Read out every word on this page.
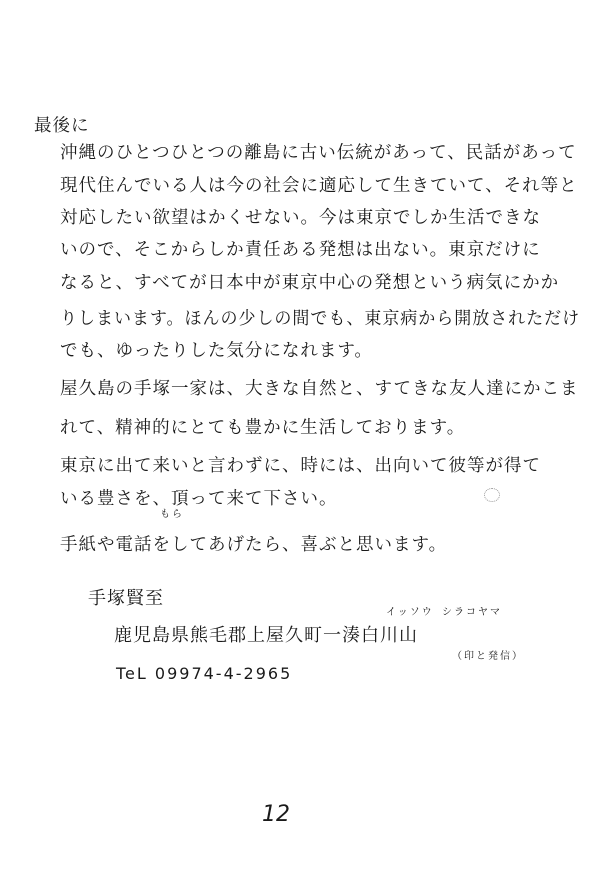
最後に
沖縄のひとつひとつの離島に古い伝統があって、民話があって
現代住んでいる人は今の社会に適応して生きていて、それ等と
対応したい欲望はかくせない。今は東京でしか生活できな
いので、そこからしか責任ある発想は出ない。東京だけに
なると、すべてが日本中が東京中心の発想という病気にかか
りしまいます。ほんの少しの間でも、東京病から開放されただけ
でも、ゆったりした気分になれます。
屋久島の手塚一家は、大きな自然と、すてきな友人達にかこま
れて、精神的にとても豊かに生活しております。
東京に出て来いと言わずに、時には、出向いて彼等が得て
いる豊さを、頂って来て下さい。
もら
手紙や電話をしてあげたら、喜ぶと思います。
手塚賢至
イッソウ シラコヤマ
鹿児島県熊毛郡上屋久町一湊白川山
（印と発信）
TeL 09974-4-2965
12
